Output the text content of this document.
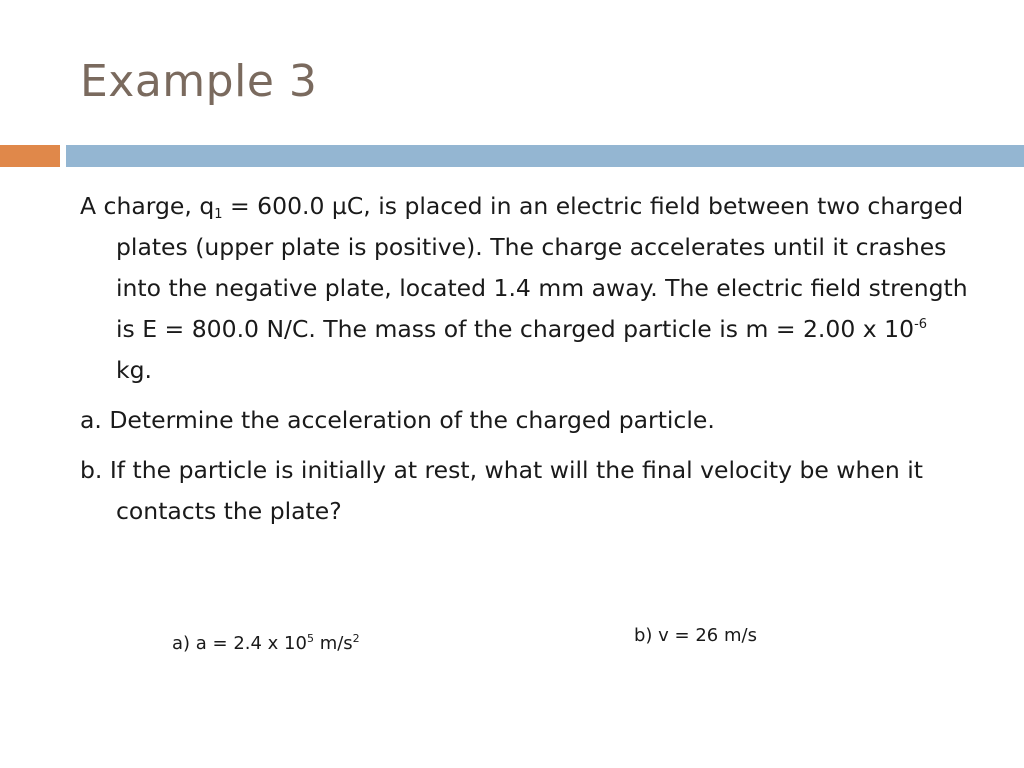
Example 3

A charge, $q_1 = 600.0$ µC, is placed in an electric field between two charged plates (upper plate is positive). The charge accelerates until it crashes into the negative plate, located 1.4 mm away. The electric field strength is E = 800.0 N/C. The mass of the charged particle is m = 2.00 x $10^{-6}$ kg.

a. Determine the acceleration of the charged particle.

b. If the particle is initially at rest, what will the final velocity be when it contacts the plate?

a) a = 2.4 x $10^5$ $m/s^2$	b) v = 26 m/s
